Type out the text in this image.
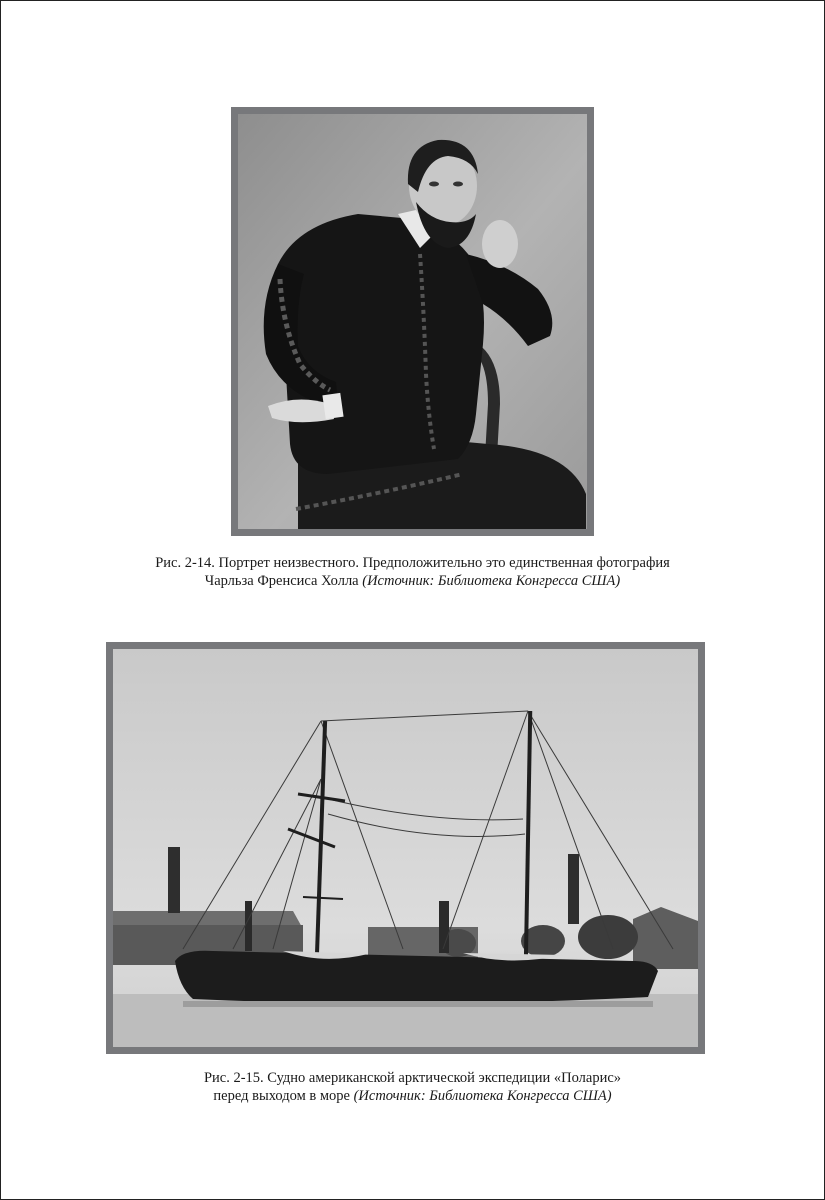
Рис. 2-14. Портрет неизвестного. Предположительно это единственная фотография
Чарльза Френсиса Холла (Источник: Библиотека Конгресса США)
Рис. 2-15. Судно американской арктической экспедиции «Поларис»
перед выходом в море (Источник: Библиотека Конгресса США)
